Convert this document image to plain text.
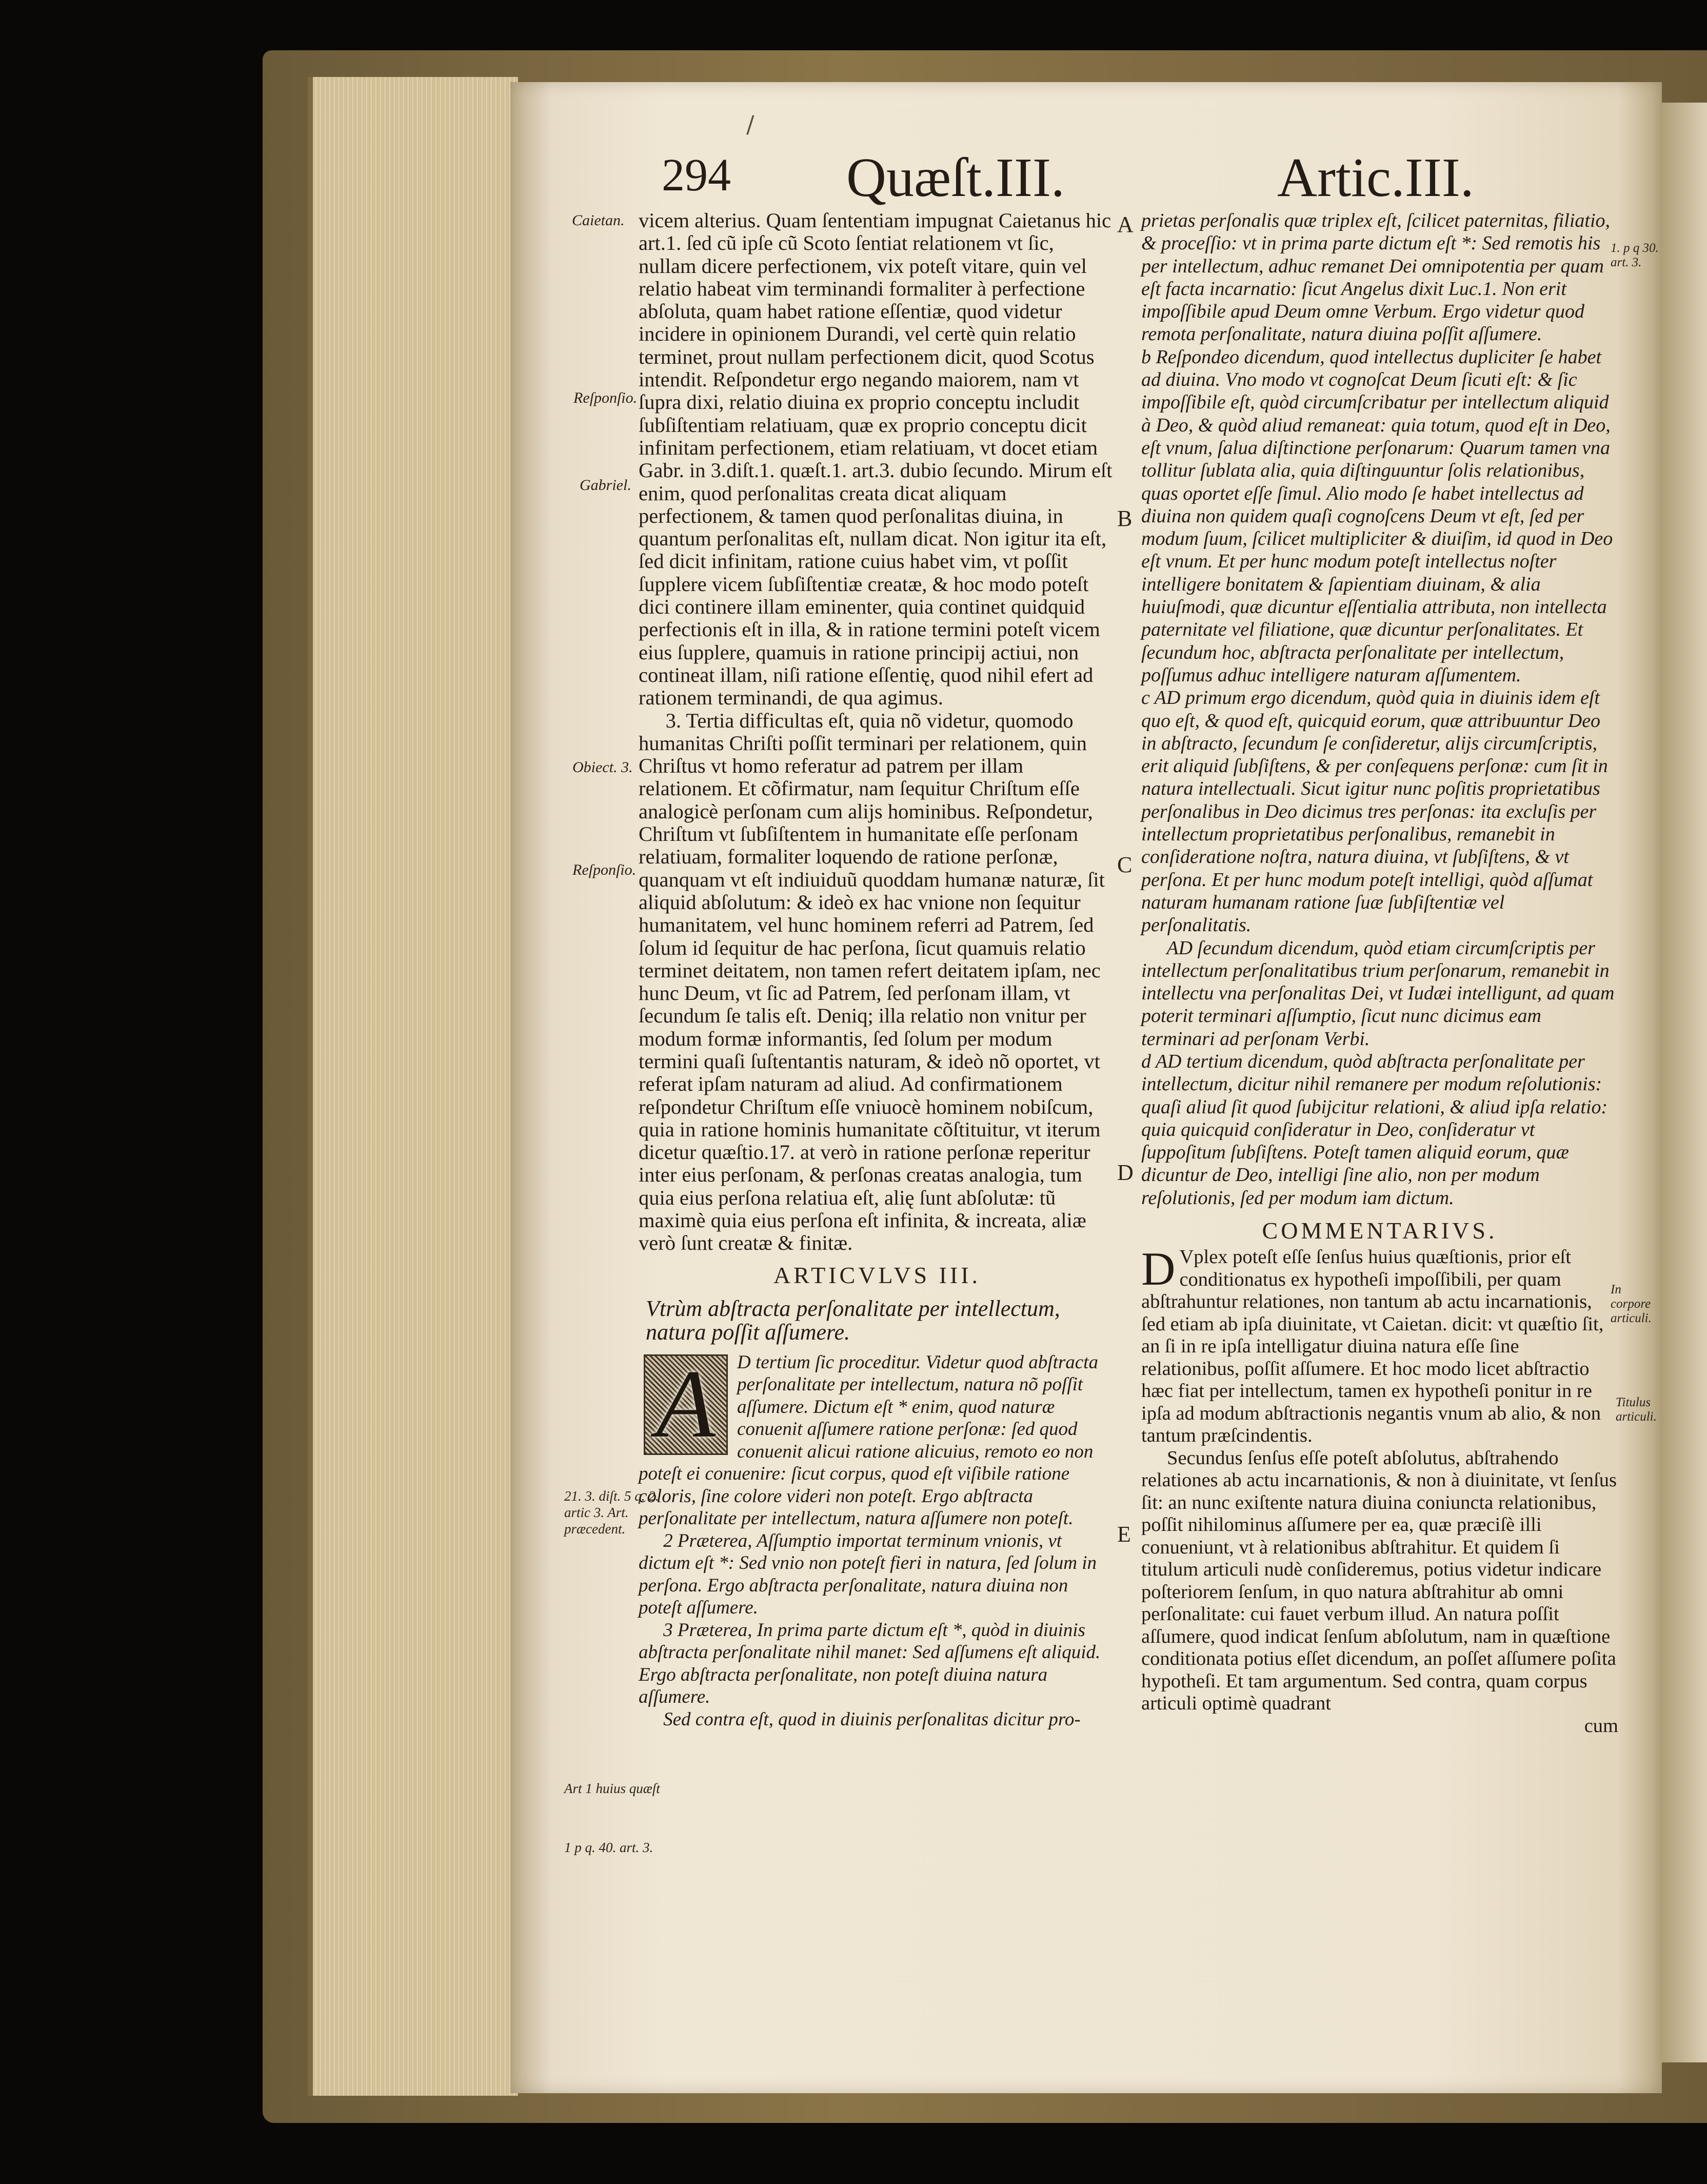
/
294 Quæſt.III.	Artic.III.

vicem alterius. Quam ſententiam impugnat Caietanus hic art.1. ſed cũ ipſe cũ Scoto ſentiat relationem vt ſic, nullam dicere perfectionem, vix poteſt vitare, quin vel relatio habeat vim terminandi formaliter à perfectione abſoluta, quam habet ratione eſſentiæ, quod videtur incidere in opinionem Durandi, vel certè quin relatio terminet, prout nullam perfectionem dicit, quod Scotus intendit. Reſpondetur ergo negando maiorem, nam vt ſupra dixi, relatio diuina ex proprio conceptu includit ſubſiſtentiam relatiuam, quæ ex proprio conceptu dicit infinitam perfectionem, etiam relatiuam, vt docet etiam Gabr. in 3.diſt.1. quæſt.1. art.3. dubio ſecundo. Mirum eſt enim, quod perſonalitas creata dicat aliquam perfectionem, & tamen quod perſonalitas diuina, in quantum perſonalitas eſt, nullam dicat. Non igitur ita eſt, ſed dicit infinitam, ratione cuius habet vim, vt poſſit ſupplere vicem ſubſiſtentiæ creatæ, & hoc modo poteſt dici continere illam eminenter, quia continet quidquid perfectionis eſt in illa, & in ratione termini poteſt vicem eius ſupplere, quamuis in ratione principij actiui, non contineat illam, niſi ratione eſſentię, quod nihil efert ad rationem terminandi, de qua agimus.

3. Tertia difficultas eſt, quia nõ videtur, quomodo humanitas Chriſti poſſit terminari per relationem, quin Chriſtus vt homo referatur ad patrem per illam relationem. Et cõfirmatur, nam ſequitur Chriſtum eſſe analogicè perſonam cum alijs hominibus. Reſpondetur, Chriſtum vt ſubſiſtentem in humanitate eſſe perſonam relatiuam, formaliter loquendo de ratione perſonæ, quanquam vt eſt indiuiduũ quoddam humanæ naturæ, ſit aliquid abſolutum: & ideò ex hac vnione non ſequitur humanitatem, vel hunc hominem referri ad Patrem, ſed ſolum id ſequitur de hac perſona, ſicut quamuis relatio terminet deitatem, non tamen refert deitatem ipſam, nec hunc Deum, vt ſic ad Patrem, ſed perſonam illam, vt ſecundum ſe talis eſt. Deniq; illa relatio non vnitur per modum formæ informantis, ſed ſolum per modum termini quaſi ſuſtentantis naturam, & ideò nõ oportet, vt referat ipſam naturam ad aliud. Ad confirmationem reſpondetur Chriſtum eſſe vniuocè hominem nobiſcum, quia in ratione hominis humanitate cõſtituitur, vt iterum dicetur quæſtio.17. at verò in ratione perſonæ reperitur inter eius perſonam, & perſonas creatas analogia, tum quia eius perſona relatiua eſt, alię ſunt abſolutæ: tũ maximè quia eius perſona eſt infinita, & increata, aliæ verò ſunt creatæ & finitæ.

ARTICVLVS III.

Vtrùm abſtracta perſonalitate per intellectum, natura poſſit aſſumere.

A	D tertium ſic proceditur. Videtur quod abſtracta perſonalitate per intellectum, natura nõ poſſit aſſumere. Dictum eſt * enim, quod naturæ conuenit aſſumere ratione perſonæ: ſed quod conuenit alicui ratione alicuius, remoto eo non poteſt ei conuenire: ſicut corpus, quod eſt viſibile ratione coloris, ſine colore videri non poteſt. Ergo abſtracta perſonalitate per intellectum, natura aſſumere non poteſt.

2 Præterea, Aſſumptio importat terminum vnionis, vt dictum eſt *: Sed vnio non poteſt fieri in natura, ſed ſolum in perſona. Ergo abſtracta perſonalitate, natura diuina non poteſt aſſumere.

3 Præterea, In prima parte dictum eſt *, quòd in diuinis abſtracta perſonalitate nihil manet: Sed aſſumens eſt aliquid. Ergo abſtracta perſonalitate, non poteſt diuina natura aſſumere.

Sed contra eſt, quod in diuinis perſonalitas dicitur pro-

prietas perſonalis quæ triplex eſt, ſcilicet paternitas, filiatio, & proceſſio: vt in prima parte dictum eſt *: Sed remotis his per intellectum, adhuc remanet Dei omnipotentia per quam eſt facta incarnatio: ſicut Angelus dixit Luc.1. Non erit impoſſibile apud Deum omne Verbum. Ergo videtur quod remota perſonalitate, natura diuina poſſit aſſumere.

b Reſpondeo dicendum, quod intellectus dupliciter ſe habet ad diuina. Vno modo vt cognoſcat Deum ſicuti eſt: & ſic impoſſibile eſt, quòd circumſcribatur per intellectum aliquid à Deo, & quòd aliud remaneat: quia totum, quod eſt in Deo, eſt vnum, ſalua diſtinctione perſonarum: Quarum tamen vna tollitur ſublata alia, quia diſtinguuntur ſolis relationibus, quas oportet eſſe ſimul. Alio modo ſe habet intellectus ad diuina non quidem quaſi cognoſcens Deum vt eſt, ſed per modum ſuum, ſcilicet multipliciter & diuiſim, id quod in Deo eſt vnum. Et per hunc modum poteſt intellectus noſter intelligere bonitatem & ſapientiam diuinam, & alia huiuſmodi, quæ dicuntur eſſentialia attributa, non intellecta paternitate vel filiatione, quæ dicuntur perſonalitates. Et ſecundum hoc, abſtracta perſonalitate per intellectum, poſſumus adhuc intelligere naturam aſſumentem.

c AD primum ergo dicendum, quòd quia in diuinis idem eſt quo eſt, & quod eſt, quicquid eorum, quæ attribuuntur Deo in abſtracto, ſecundum ſe conſideretur, alijs circumſcriptis, erit aliquid ſubſiſtens, & per conſequens perſonæ: cum ſit in natura intellectuali. Sicut igitur nunc poſitis proprietatibus perſonalibus in Deo dicimus tres perſonas: ita excluſis per intellectum proprietatibus perſonalibus, remanebit in conſideratione noſtra, natura diuina, vt ſubſiſtens, & vt perſona. Et per hunc modum poteſt intelligi, quòd aſſumat naturam humanam ratione ſuæ ſubſiſtentiæ vel perſonalitatis.

AD ſecundum dicendum, quòd etiam circumſcriptis per intellectum perſonalitatibus trium perſonarum, remanebit in intellectu vna perſonalitas Dei, vt Iudæi intelligunt, ad quam poterit terminari aſſumptio, ſicut nunc dicimus eam terminari ad perſonam Verbi.

d AD tertium dicendum, quòd abſtracta perſonalitate per intellectum, dicitur nihil remanere per modum reſolutionis: quaſi aliud ſit quod ſubijcitur relationi, & aliud ipſa relatio: quia quicquid conſideratur in Deo, conſideratur vt ſuppoſitum ſubſiſtens. Poteſt tamen aliquid eorum, quæ dicuntur de Deo, intelligi ſine alio, non per modum reſolutionis, ſed per modum iam dictum.

COMMENTARIVS.

D Vplex poteſt eſſe ſenſus huius quæſtionis, prior eſt conditionatus ex hypotheſi impoſſibili, per quam abſtrahuntur relationes, non tantum ab actu incarnationis, ſed etiam ab ipſa diuinitate, vt Caietan. dicit: vt quæſtio ſit, an ſi in re ipſa intelligatur diuina natura eſſe ſine relationibus, poſſit aſſumere. Et hoc modo licet abſtractio hæc fiat per intellectum, tamen ex hypotheſi ponitur in re ipſa ad modum abſtractionis negantis vnum ab alio, & non tantum præſcindentis.

Secundus ſenſus eſſe poteſt abſolutus, abſtrahendo relationes ab actu incarnationis, & non à diuinitate, vt ſenſus ſit: an nunc exiſtente natura diuina coniuncta relationibus, poſſit nihilominus aſſumere per ea, quæ præciſè illi conueniunt, vt à relationibus abſtrahitur. Et quidem ſi titulum articuli nudè conſideremus, potius videtur indicare poſteriorem ſenſum, in quo natura abſtrahitur ab omni perſonalitate: cui fauet verbum illud. An natura poſſit aſſumere, quod indicat ſenſum abſolutum, nam in quæſtione conditionata potius eſſet dicendum, an poſſet aſſumere poſita hypotheſi. Et tam argumentum. Sed contra, quam corpus articuli optimè quadrant

cum

Caietan.
Reſponſio.
Gabriel.
Obiect. 3.
Reſponſio.
21. 3. diſt. 5 q. 2. artic 3. Art. præcedent.
Art 1 huius quæſt
1 p q. 40. art. 3.
1. p q 30. art. 3.
In corpore articuli.
Titulus articuli.
A
B
C
D
E
